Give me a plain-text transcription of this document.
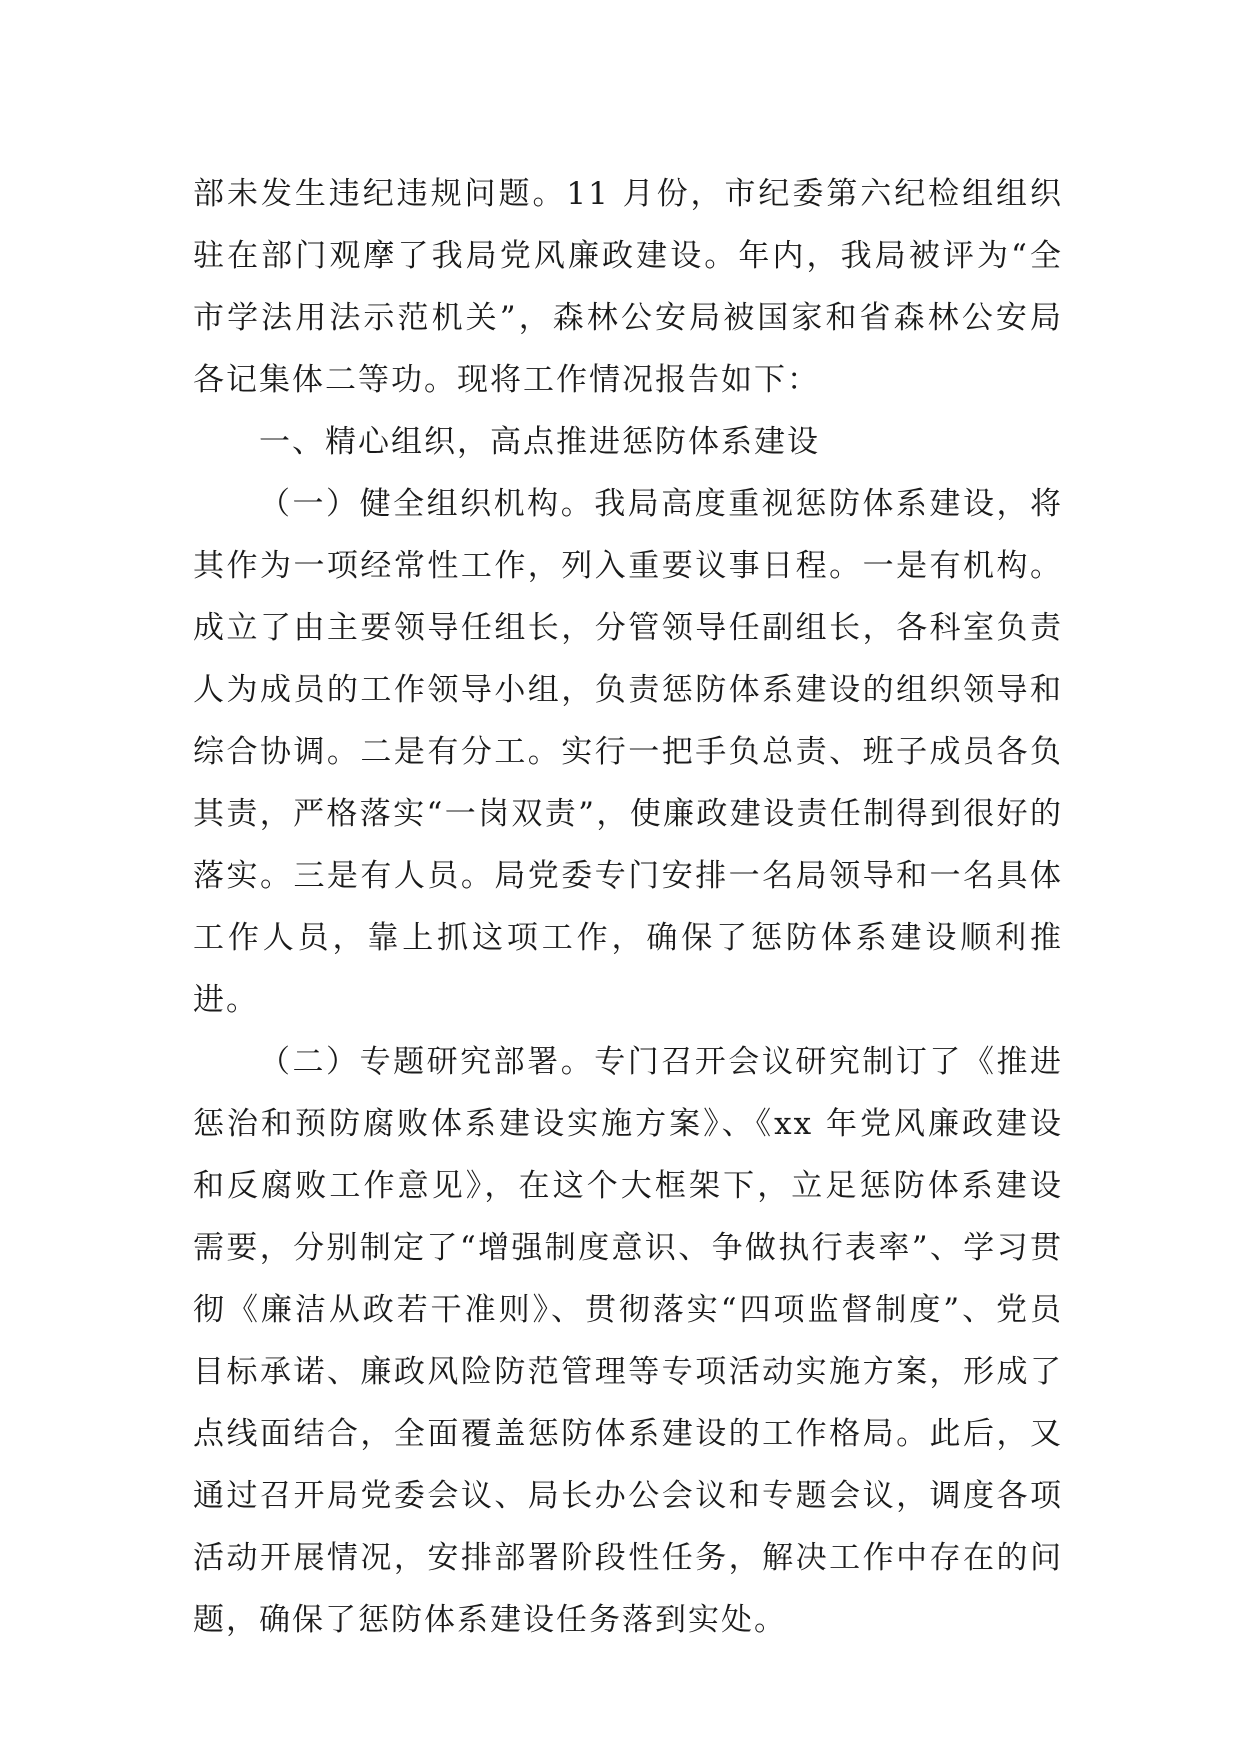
部未发生违纪违规问题。11 月份，市纪委第六纪检组组织驻在部门观摩了我局党风廉政建设。年内，我局被评为“全市学法用法示范机关”，森林公安局被国家和省森林公安局各记集体二等功。现将工作情况报告如下：

一、精心组织，高点推进惩防体系建设

（一）健全组织机构。我局高度重视惩防体系建设，将其作为一项经常性工作，列入重要议事日程。一是有机构。成立了由主要领导任组长，分管领导任副组长，各科室负责人为成员的工作领导小组，负责惩防体系建设的组织领导和综合协调。二是有分工。实行一把手负总责、班子成员各负其责，严格落实“一岗双责”，使廉政建设责任制得到很好的落实。三是有人员。局党委专门安排一名局领导和一名具体工作人员，靠上抓这项工作，确保了惩防体系建设顺利推进。

（二）专题研究部署。专门召开会议研究制订了《推进惩治和预防腐败体系建设实施方案》、《xx 年党风廉政建设和反腐败工作意见》，在这个大框架下，立足惩防体系建设需要，分别制定了“增强制度意识、争做执行表率”、学习贯彻《廉洁从政若干准则》、贯彻落实“四项监督制度”、党员目标承诺、廉政风险防范管理等专项活动实施方案，形成了点线面结合，全面覆盖惩防体系建设的工作格局。此后，又通过召开局党委会议、局长办公会议和专题会议，调度各项活动开展情况，安排部署阶段性任务，解决工作中存在的问题，确保了惩防体系建设任务落到实处。
